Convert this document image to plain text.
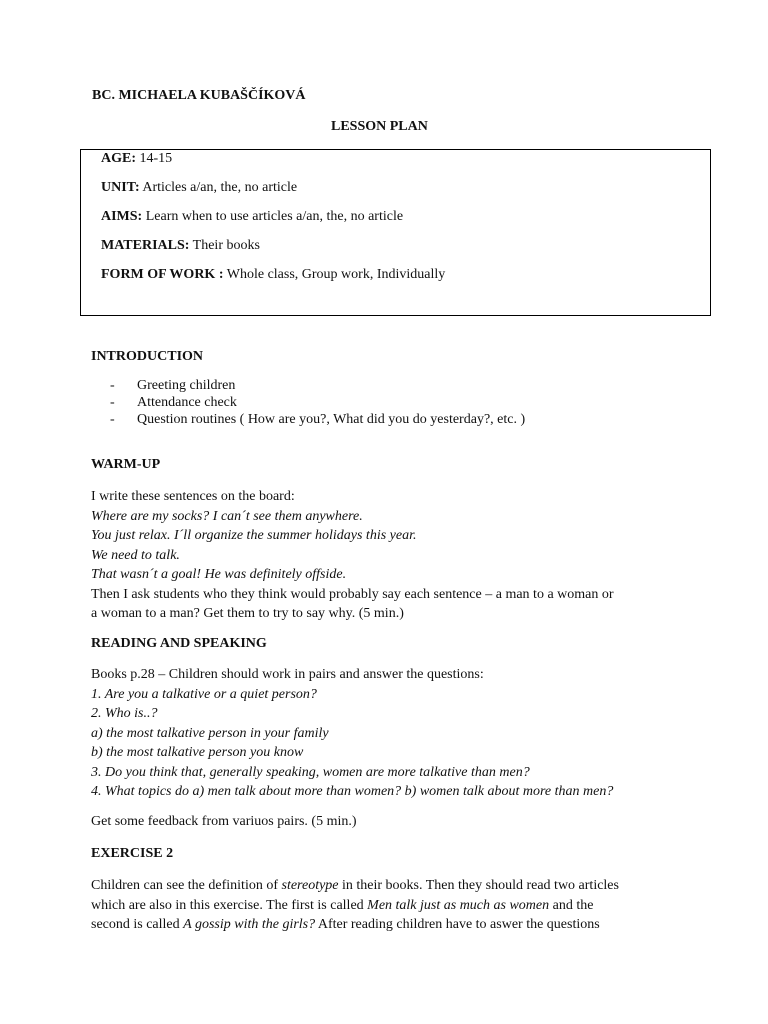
BC. MICHAELA KUBAŠČÍKOVÁ
LESSON PLAN
AGE: 14-15
UNIT: Articles a/an, the, no article
AIMS: Learn when to use articles a/an, the, no article
MATERIALS: Their books
FORM OF WORK : Whole class, Group work, Individually
INTRODUCTION
- Greeting children
- Attendance check
- Question routines ( How are you?, What did you do yesterday?, etc. )
WARM-UP
I write these sentences on the board:
Where are my socks? I can´t see them anywhere.
You just relax. I´ll organize the summer holidays this year.
We need to talk.
That wasn´t a goal! He was definitely offside.
Then I ask students who they think would probably say each sentence – a man to a woman or
a woman to a man? Get them to try to say why. (5 min.)
READING AND SPEAKING
Books p.28 – Children should work in pairs and answer the questions:
1. Are you a talkative or a quiet person?
2. Who is..?
a) the most talkative person in your family
b) the most talkative person you know
3. Do you think that, generally speaking, women are more talkative than men?
4. What topics do a) men talk about more than women? b) women talk about more than men?
Get some feedback from variuos pairs. (5 min.)
EXERCISE 2
Children can see the definition of stereotype in their books. Then they should read two articles
which are also in this exercise. The first is called Men talk just as much as women and the
second is called A gossip with the girls? After reading children have to aswer the questions
